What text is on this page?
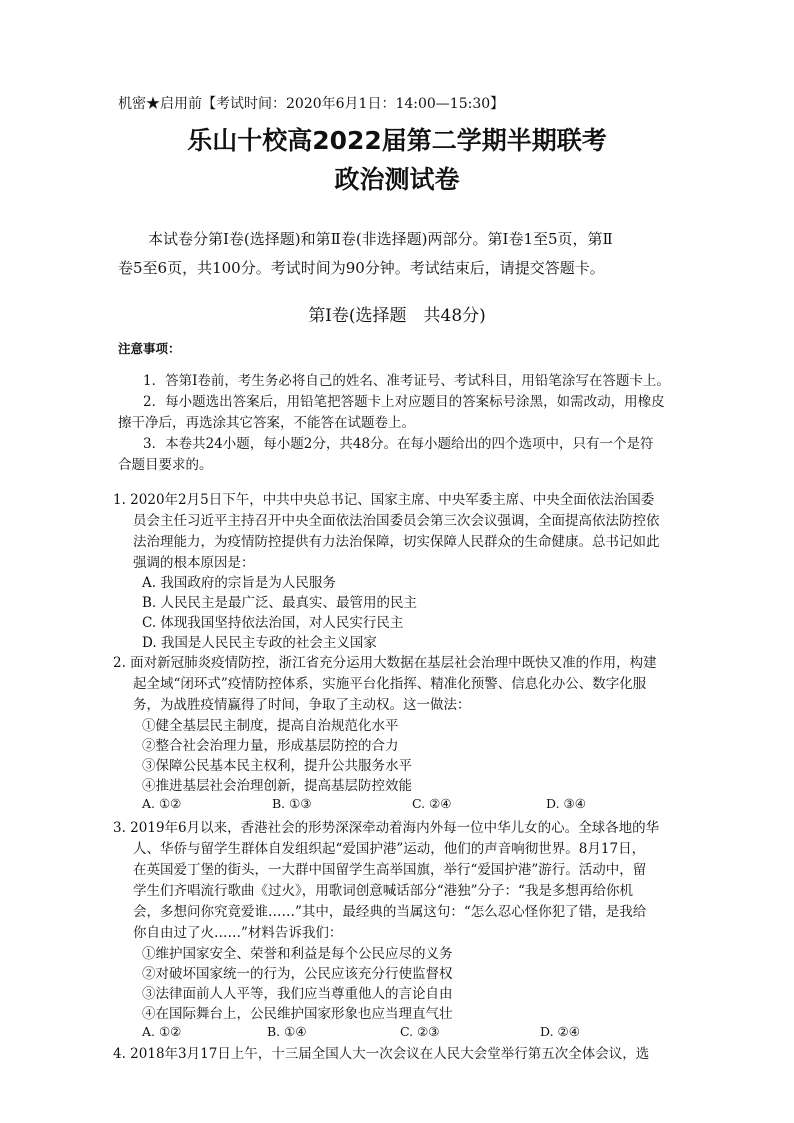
机密★启用前【考试时间：2020年6月1日：14:00—15:30】
乐山十校高2022届第二学期半期联考
政治测试卷
本试卷分第Ⅰ卷(选择题)和第Ⅱ卷(非选择题)两部分。第Ⅰ卷1至5页，第Ⅱ
卷5至6页，共100分。考试时间为90分钟。考试结束后，请提交答题卡。
第Ⅰ卷(选择题　共48分)
注意事项：
1．答第Ⅰ卷前，考生务必将自己的姓名、准考证号、考试科目，用铅笔涂写在答题卡上。
2．每小题选出答案后，用铅笔把答题卡上对应题目的答案标号涂黑，如需改动，用橡皮
擦干净后，再选涂其它答案，不能答在试题卷上。
3．本卷共24小题，每小题2分，共48分。在每小题给出的四个选项中，只有一个是符
合题目要求的。
1. 2020年2月5日下午，中共中央总书记、国家主席、中央军委主席、中央全面依法治国委
员会主任习近平主持召开中央全面依法治国委员会第三次会议强调，全面提高依法防控依
法治理能力，为疫情防控提供有力法治保障，切实保障人民群众的生命健康。总书记如此
强调的根本原因是：
A. 我国政府的宗旨是为人民服务
B. 人民民主是最广泛、最真实、最管用的民主
C. 体现我国坚持依法治国，对人民实行民主
D. 我国是人民民主专政的社会主义国家
2. 面对新冠肺炎疫情防控，浙江省充分运用大数据在基层社会治理中既快又准的作用，构建
起全域“闭环式”疫情防控体系，实施平台化指挥、精准化预警、信息化办公、数字化服
务，为战胜疫情赢得了时间，争取了主动权。这一做法：
①健全基层民主制度，提高自治规范化水平
②整合社会治理力量，形成基层防控的合力
③保障公民基本民主权利，提升公共服务水平
④推进基层社会治理创新，提高基层防控效能
A. ①②	B. ①③	C. ②④	D. ③④
3. 2019年6月以来，香港社会的形势深深牵动着海内外每一位中华儿女的心。全球各地的华
人、华侨与留学生群体自发组织起“爱国护港”运动，他们的声音响彻世界。8月17日，
在英国爱丁堡的街头，一大群中国留学生高举国旗，举行“爱国护港”游行。活动中，留
学生们齐唱流行歌曲《过火》，用歌词创意喊话部分“港独”分子：“我是多想再给你机
会，多想问你究竟爱谁……”其中，最经典的当属这句：“怎么忍心怪你犯了错，是我给
你自由过了火……”材料告诉我们：
①维护国家安全、荣誉和利益是每个公民应尽的义务
②对破坏国家统一的行为，公民应该充分行使监督权
③法律面前人人平等，我们应当尊重他人的言论自由
④在国际舞台上，公民维护国家形象也应当理直气壮
A. ①②	B. ①④	C. ②③	D. ②④
4. 2018年3月17日上午，十三届全国人大一次会议在人民大会堂举行第五次全体会议，选
